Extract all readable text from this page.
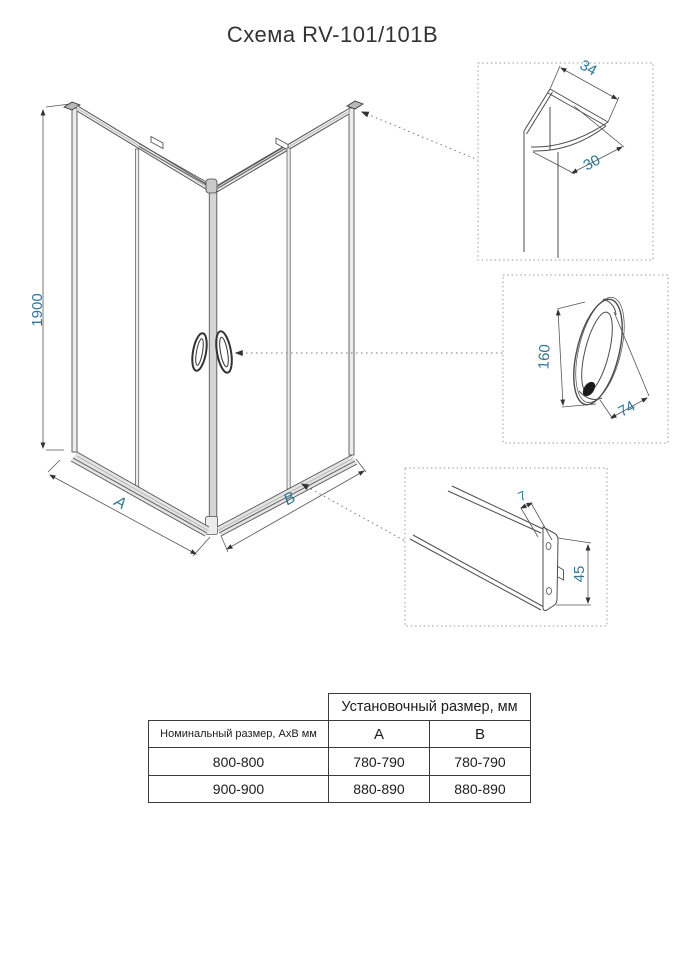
Схема RV-101/101B
1900
A	B
34
30
160
74
7
45
	Установочный размер, мм	
Номинальный размер, АхВ мм	A	B
800-800	780-790	780-790
900-900	880-890	880-890
